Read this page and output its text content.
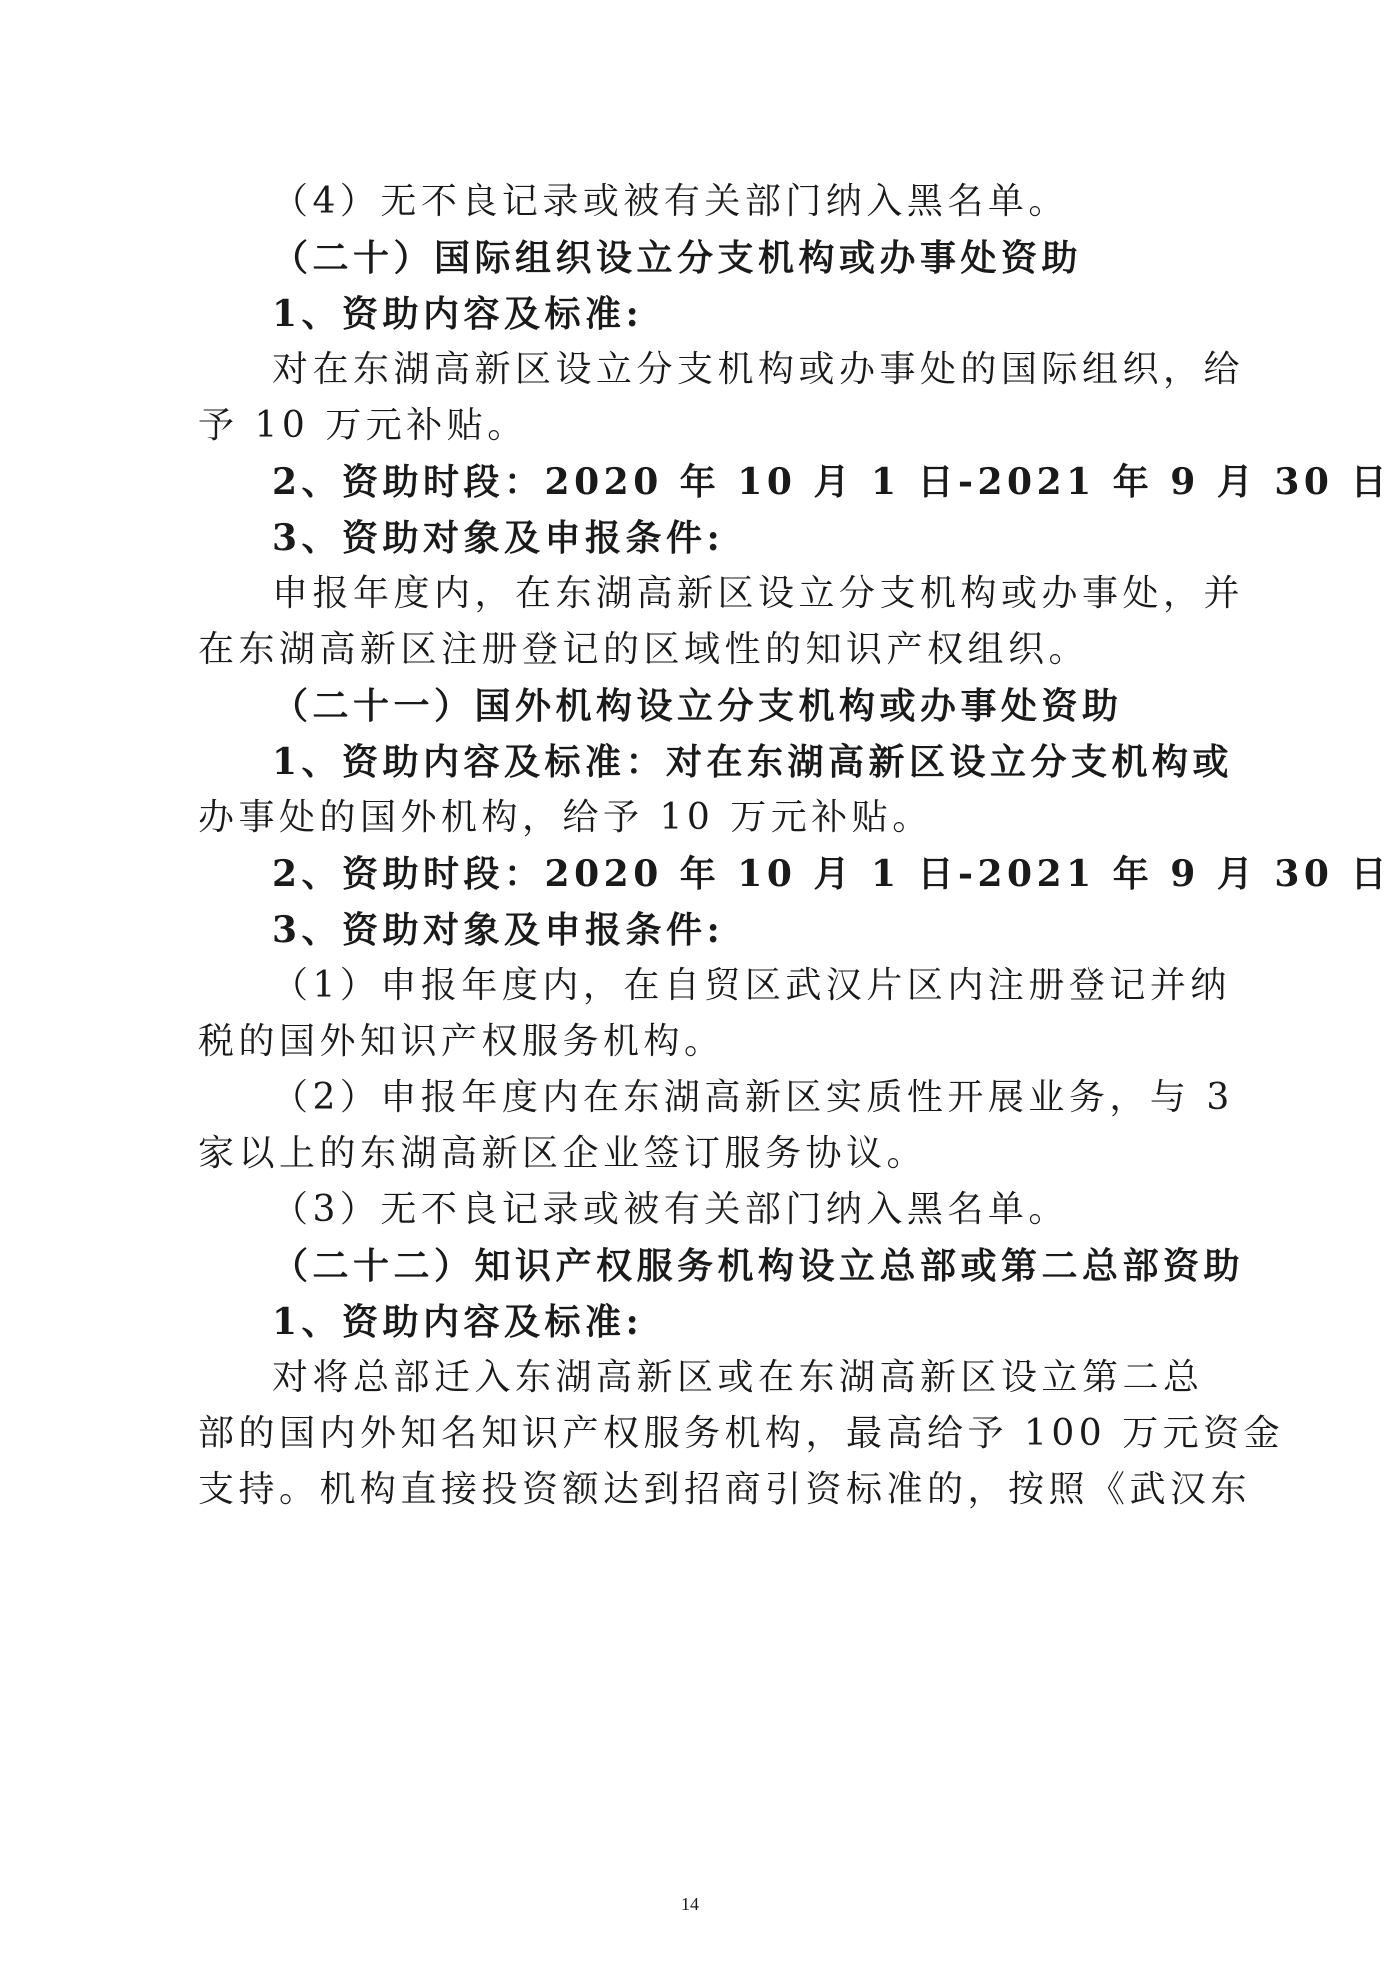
（4）无不良记录或被有关部门纳入黑名单。
（二十）国际组织设立分支机构或办事处资助
1、资助内容及标准:
对在东湖高新区设立分支机构或办事处的国际组织，给
予 10 万元补贴。
2、资助时段：2020 年 10 月 1 日-2021 年 9 月 30 日
3、资助对象及申报条件:
申报年度内，在东湖高新区设立分支机构或办事处，并
在东湖高新区注册登记的区域性的知识产权组织。
（二十一）国外机构设立分支机构或办事处资助
1、资助内容及标准：对在东湖高新区设立分支机构或
办事处的国外机构，给予 10 万元补贴。
2、资助时段：2020 年 10 月 1 日-2021 年 9 月 30 日
3、资助对象及申报条件:
（1）申报年度内，在自贸区武汉片区内注册登记并纳
税的国外知识产权服务机构。
（2）申报年度内在东湖高新区实质性开展业务，与 3
家以上的东湖高新区企业签订服务协议。
（3）无不良记录或被有关部门纳入黑名单。
（二十二）知识产权服务机构设立总部或第二总部资助
1、资助内容及标准:
对将总部迁入东湖高新区或在东湖高新区设立第二总
部的国内外知名知识产权服务机构，最高给予 100 万元资金
支持。机构直接投资额达到招商引资标准的，按照《武汉东
14
